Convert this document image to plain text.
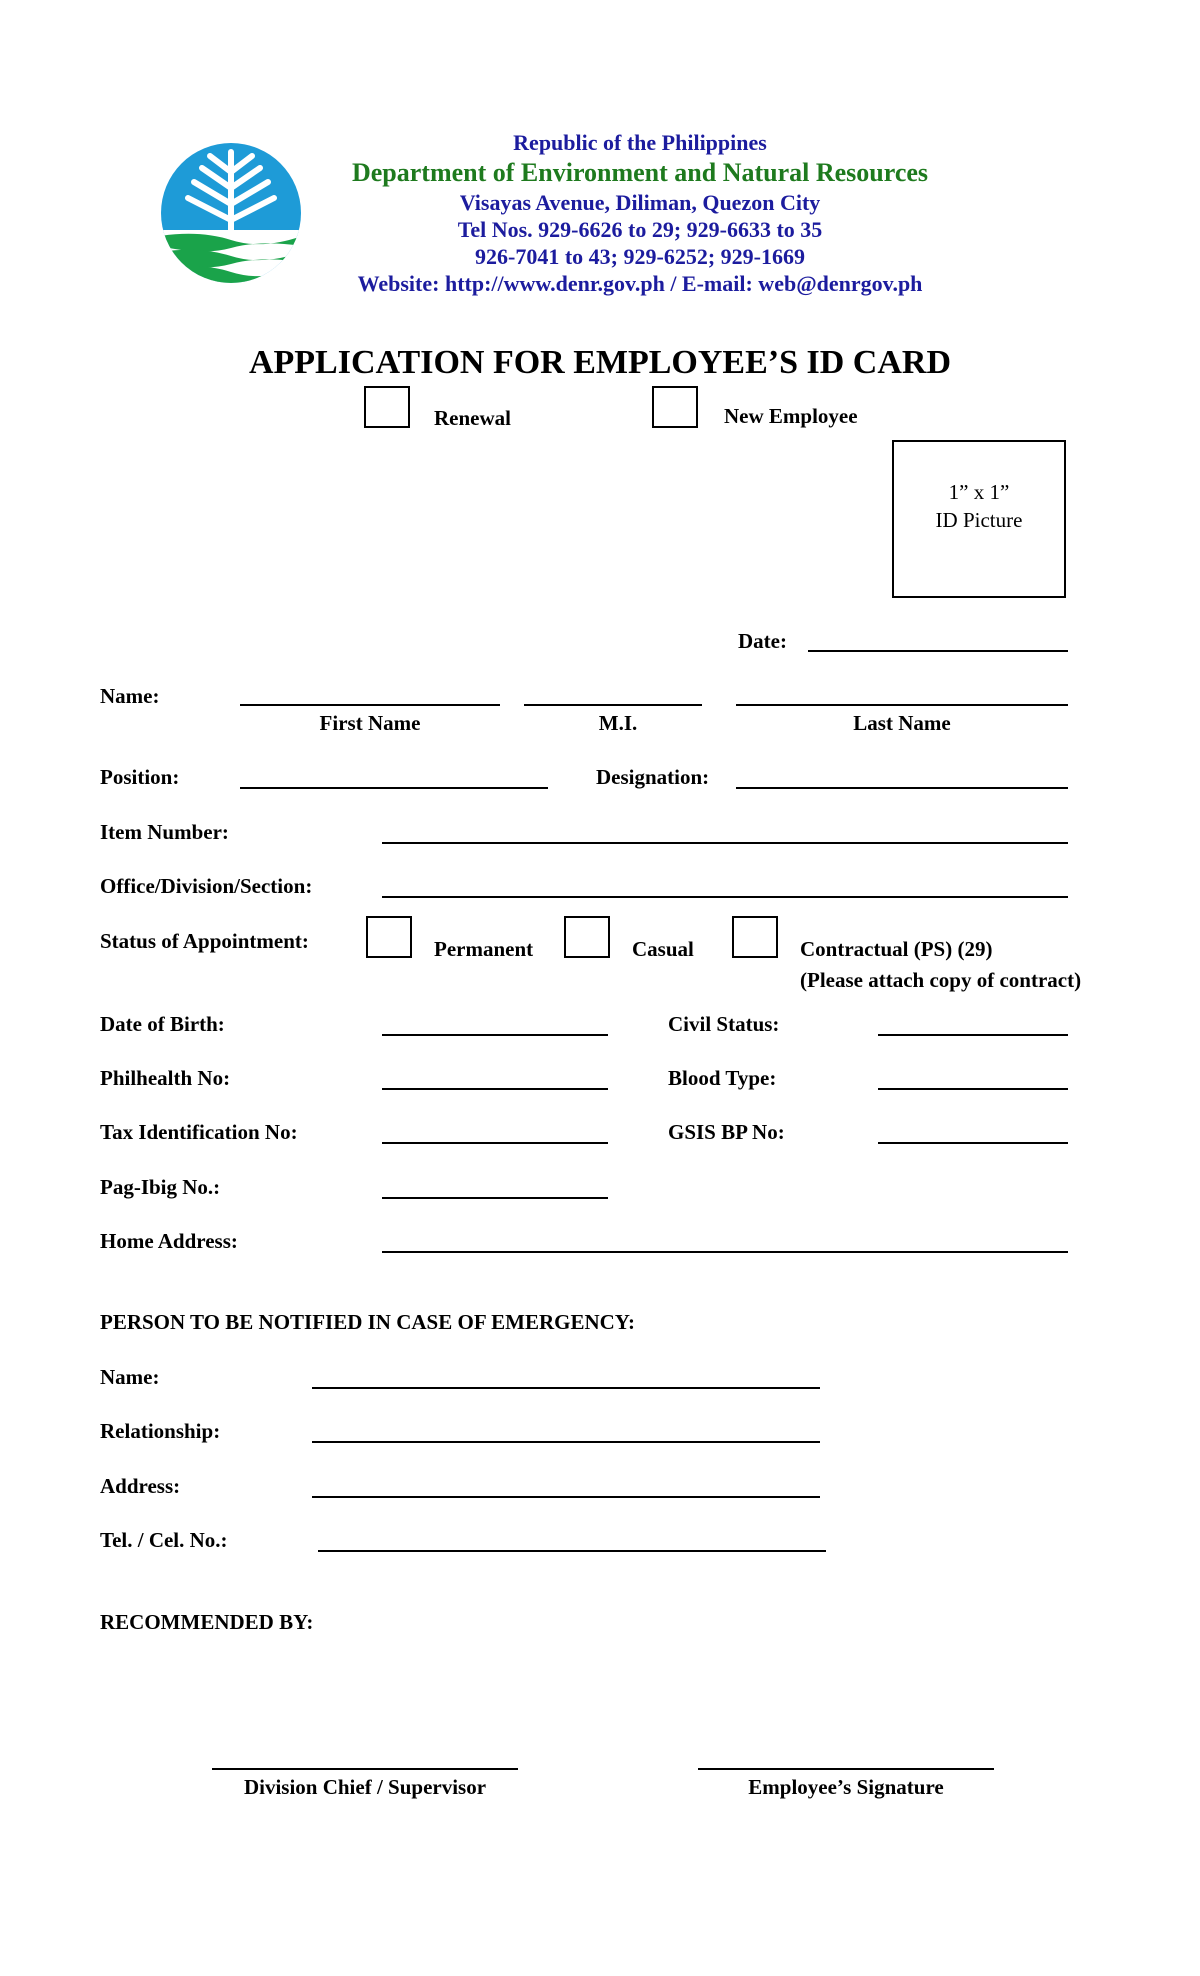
Republic of the Philippines
Department of Environment and Natural Resources
Visayas Avenue, Diliman, Quezon City
Tel Nos. 929-6626 to 29; 929-6633 to 35
926-7041 to 43; 929-6252; 929-1669
Website: http://www.denr.gov.ph / E-mail: web@denrgov.ph
APPLICATION FOR EMPLOYEE’S ID CARD
Renewal	New Employee
1” x 1”
ID Picture
Date:
Name:
First Name	M.I.	Last Name
Position:	Designation:
Item Number:
Office/Division/Section:
Status of Appointment:	Permanent	Casual	Contractual (PS) (29)
(Please attach copy of contract)
Date of Birth:	Civil Status:
Philhealth No:	Blood Type:
Tax Identification No:	GSIS BP No:
Pag-Ibig No.:
Home Address:
PERSON TO BE NOTIFIED IN CASE OF EMERGENCY:
Name:
Relationship:
Address:
Tel. / Cel. No.:
RECOMMENDED BY:
Division Chief / Supervisor	Employee’s Signature
